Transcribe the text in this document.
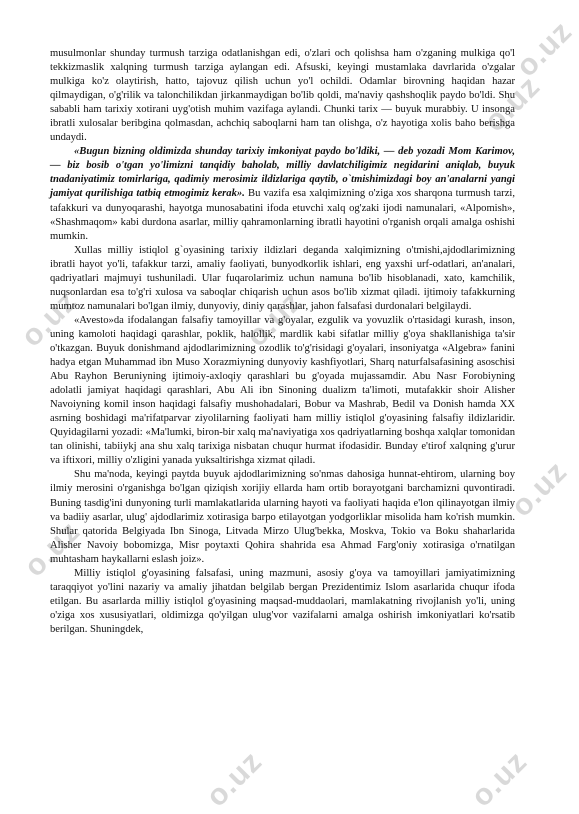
o.uz
o.uz
o.uz
o.uz	o.uz
o.uz	o.uz
o.uz

musulmonlar shunday turmush tarziga odatlanishgan edi, o'zlari och qolishsa ham o'zganing mulkiga qo'l tekkizmaslik xalqning turmush tarziga aylangan edi. Afsuski, keyingi mustamlaka davrlarida o'zgalar mulkiga ko'z olaytirish, hatto, tajovuz qilish uchun yo'l ochildi. Odamlar birovning haqidan hazar qilmaydigan, o'g'rilik va talonchilikdan jirkanmaydigan bo'lib qoldi, ma'naviy qashshoqlik paydo bo'ldi. Shu sababli ham tarixiy xotirani uyg'otish muhim vazifaga aylandi. Chunki tarix — buyuk murabbiy. U insonga ibratli xulosalar beribgina qolmasdan, achchiq saboqlarni ham tan olishga, o'z hayotiga xolis baho berishga undaydi.

«Bugun bizning oldimizda shunday tarixiy imkoniyat paydo bo'ldiki, — deb yozadi Mom Karimov, — biz bosib o'tgan yo'limizni tanqidiy baholab, milliy davlatchiligimiz negidarini aniqlab, buyuk tnadaniyatimiz tomirlariga, qadimiy merosimiz ildizlariga qaytib, o`tmishimizdagi boy an'analarni yangi jamiyat qurilishiga tatbiq etmogimiz kerak». Bu vazifa esa xalqimizning o'ziga xos sharqona turmush tarzi, tafakkuri va dunyoqarashi, hayotga munosabatini ifoda etuvchi xalq og'zaki ijodi namunalari, «Alpomish», «Shashmaqom» kabi durdona asarlar, milliy qahramonlarning ibratli hayotini o'rganish orqali amalga oshishi mumkin.

Xullas milliy istiqlol g`oyasining tarixiy ildizlari deganda xalqimizning o'tmishi,ajdodlarimizning ibratli hayot yo'li, tafakkur tarzi, amaliy faoliyati, bunyodkorlik ishlari, eng yaxshi urf-odatlari, an'analari, qadriyatlari majmuyi tushuniladi. Ular fuqarolarimiz uchun namuna bo'lib hisoblanadi, xato, kamchilik, nuqsonlardan esa to'g'ri xulosa va saboqlar chiqarish uchun asos bo'lib xizmat qiladi. ijtimoiy tafakkurning mumtoz namunalari bo'lgan ilmiy, dunyoviy, diniy qarashlar, jahon falsafasi durdonalari belgilaydi.

«Avesto»da ifodalangan falsafiy tamoyillar va g'oyalar, ezgulik va yovuzlik o'rtasidagi kurash, inson, uning kamoloti haqidagi qarashlar, poklik, halollik, mardlik kabi sifatlar milliy g'oya shakllanishiga ta'sir o'tkazgan. Buyuk donishmand ajdodlarimizning ozodlik to'g'risidagi g'oyalari, insoniyatga «Algebra» fanini hadya etgan Muhammad ibn Muso Xorazmiyning dunyoviy kashfiyotlari, Sharq naturfalsafasining asoschisi Abu Rayhon Beruniyning ijtimoiy-axloqiy qarashlari bu g'oyada mujassamdir. Abu Nasr Forobiyning adolatli jamiyat haqidagi qarashlari, Abu Ali ibn Sinoning dualizm ta'limoti, mutafakkir shoir Alisher Navoiyning komil inson haqidagi falsafiy mushohadalari, Bobur va Mashrab, Bedil va Donish hamda XX asrning boshidagi ma'rifatparvar ziyolilarning faoliyati ham milliy istiqlol g'oyasining falsafiy ildizlaridir. Quyidagilarni yozadi: «Ma'lumki, biron-bir xalq ma'naviyatiga xos qadriyatlarning boshqa xalqlar tomonidan tan olinishi, tabiiykj ana shu xalq tarixiga nisbatan chuqur hurmat ifodasidir. Bunday e'tirof xalqning g'urur va iftixori, milliy o'zligini yanada yuksaltirishga xizmat qiladi.

Shu ma'noda, keyingi paytda buyuk ajdodlarimizning so'nmas dahosiga hunnat-ehtirom, ularning boy ilmiy merosini o'rganishga bo'lgan qiziqish xorijiy ellarda ham ortib borayotgani barchamizni quvontiradi. Buning tasdig'ini dunyoning turli mamlakatlarida ularning hayoti va faoliyati haqida e'lon qilinayotgan ilmiy va badiiy asarlar, ulug' ajdodlarimiz xotirasiga barpo etilayotgan yodgorliklar misolida ham ko'rish mumkin. Shular qatorida Belgiyada Ibn Sinoga, Litvada Mirzo Ulug'bekka, Moskva, Tokio va Boku shaharlarida Alisher Navoiy bobomizga, Misr poytaxti Qohira shahrida esa Ahmad Farg'oniy xotirasiga o'rnatilgan muhtasham haykallarni eslash joiz».

Milliy istiqlol g'oyasining falsafasi, uning mazmuni, asosiy g'oya va tamoyillari jamiyatimizning taraqqiyot yo'lini nazariy va amaliy jihatdan belgilab bergan Prezidentimiz Islom asarlarida chuqur ifoda etilgan. Bu asarlarda milliy istiqlol g'oyasining maqsad-muddaolari, mamlakatning rivojlanish yo'li, uning o'ziga xos xususiyatlari, oldimizga qo'yilgan ulug'vor vazifalarni amalga oshirish imkoniyatlari ko'rsatib berilgan. Shuningdek,
